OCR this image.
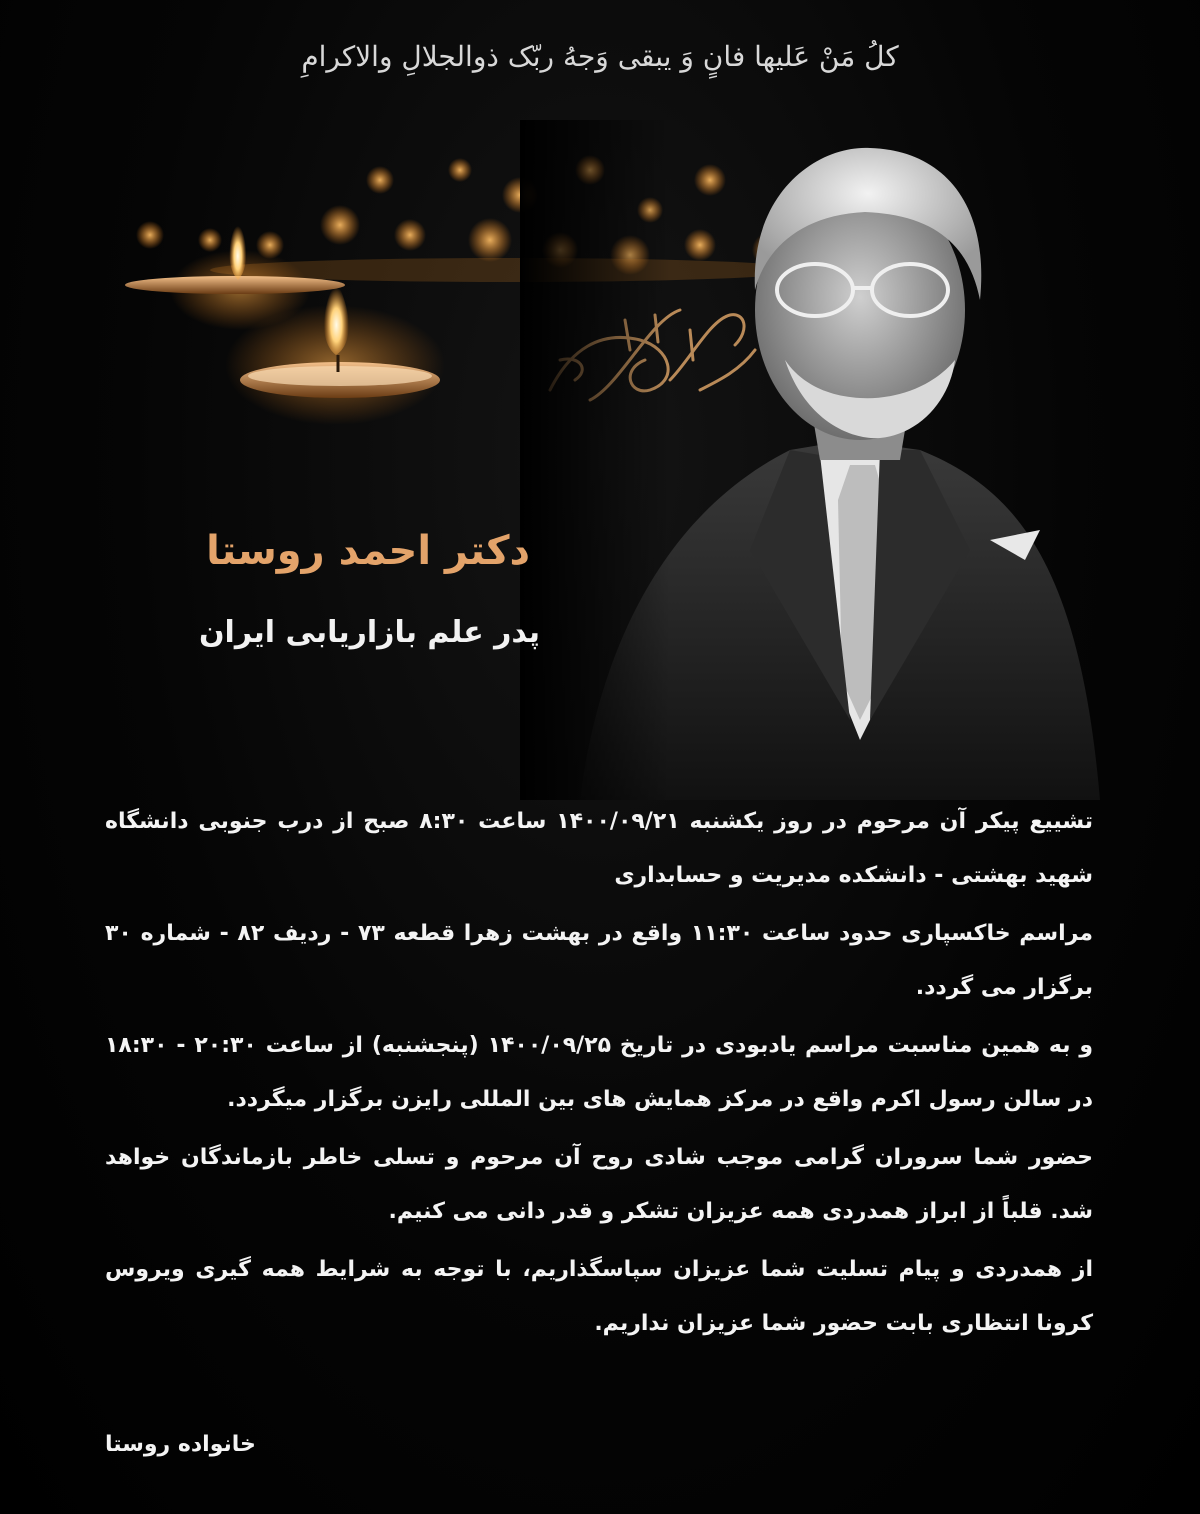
کلُ مَنْ عَلیها فانٍ وَ یبقی وَجهُ ربّک ذوالجلالِ والاکرامِ
دکتر احمد روستا
پدر علم بازاریابی ایران

تشییع پیکر آن مرحوم در روز یکشنبه ۱۴۰۰/۰۹/۲۱ ساعت ۸:۳۰ صبح از درب جنوبی دانشگاه شهید بهشتی - دانشکده مدیریت و حسابداری

مراسم خاکسپاری حدود ساعت ۱۱:۳۰ واقع در بهشت زهرا قطعه ۷۳ - ردیف ۸۲ - شماره ۳۰ برگزار می گردد.

و به همین مناسبت مراسم یادبودی در تاریخ ۱۴۰۰/۰۹/۲۵ (پنجشنبه) از ساعت ۲۰:۳۰ - ۱۸:۳۰ در سالن رسول اکرم واقع در مرکز همایش های بین المللی رایزن برگزار میگردد.

حضور شما سروران گرامی موجب شادی روح آن مرحوم و تسلی خاطر بازماندگان خواهد شد. قلباً از ابراز همدردی همه عزیزان تشکر و قدر دانی می کنیم.

از همدردی و پیام تسلیت شما عزیزان سپاسگذاریم، با توجه به شرایط همه گیری ویروس کرونا انتظاری بابت حضور شما عزیزان نداریم.

خانواده روستا
